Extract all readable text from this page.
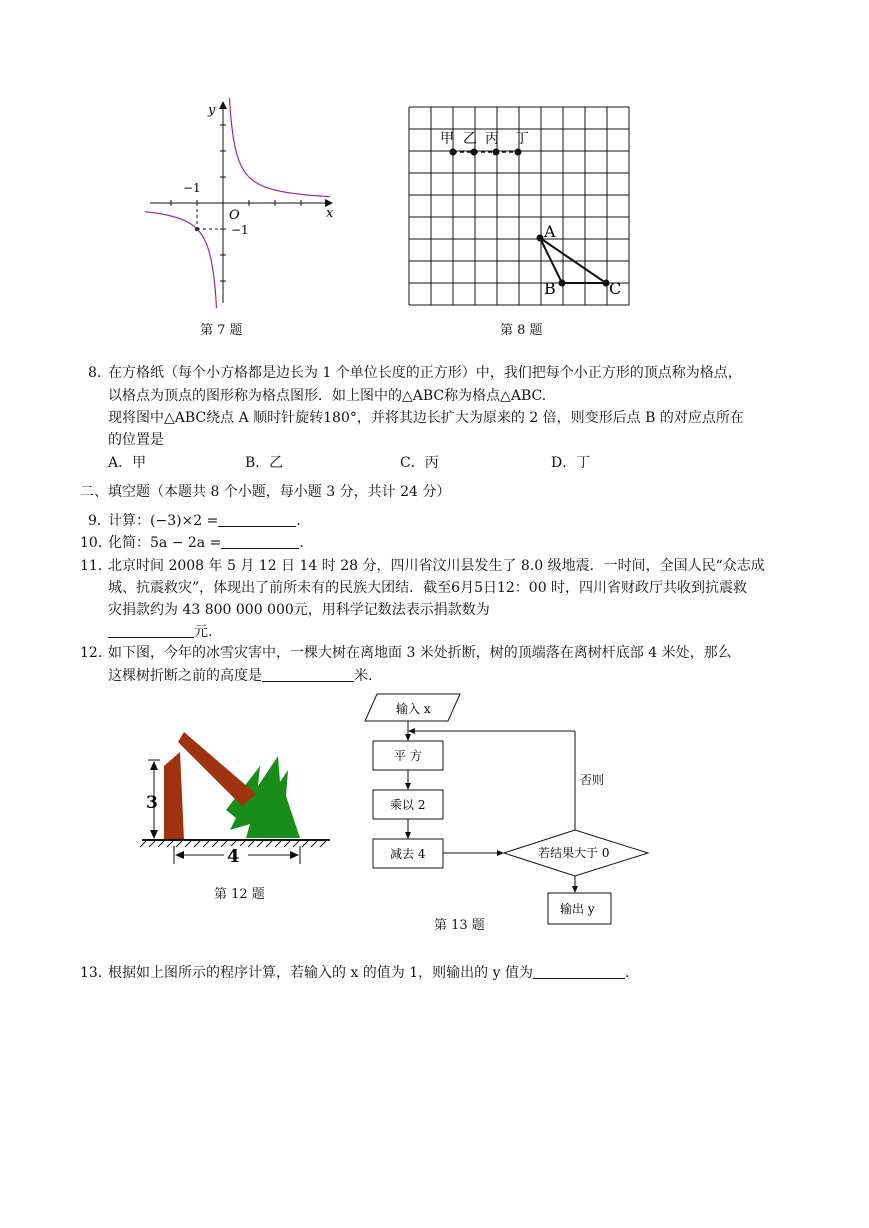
y
x
O
−1
−1
第 7 题
甲 乙 丙 丁
A
B	C
第 8 题
8. 在方格纸（每个小方格都是边长为 1 个单位长度的正方形）中，我们把每个小正方形的顶点称为格点，
以格点为顶点的图形称为格点图形．如上图中的△ABC称为格点△ABC.
现将图中△ABC绕点 A 顺时针旋转180°，并将其边长扩大为原来的 2 倍，则变形后点 B 的对应点所在
的位置是
A．甲	B．乙	C．丙	D．丁
二、填空题（本题共 8 个小题，每小题 3 分，共计 24 分）
9．
计算：(−3)×2 =	.
10．
化简：5a − 2a =	.
11．
北京时间 2008 年 5 月 12 日 14 时 28 分，四川省汶川县发生了 8.0 级地震．一时间，全国人民“众志成
城、抗震救灾”，体现出了前所未有的民族大团结．截至6月5日12：00 时，四川省财政厅共收到抗震救
灾捐款约为 43 800 000 000元，用科学记数法表示捐款数为
元.
12．
如下图，今年的冰雪灾害中，一棵大树在离地面 3 米处折断，树的顶端落在离树杆底部 4 米处，那么
这棵树折断之前的高度是	米.
3
4
第 12 题
输入 x
平 方
乘以 2
减去 4	若结果大于 0
否则
输出 y
第 13 题
13．
根据如上图所示的程序计算，若输入的 x 的值为 1，则输出的 y 值为	.
